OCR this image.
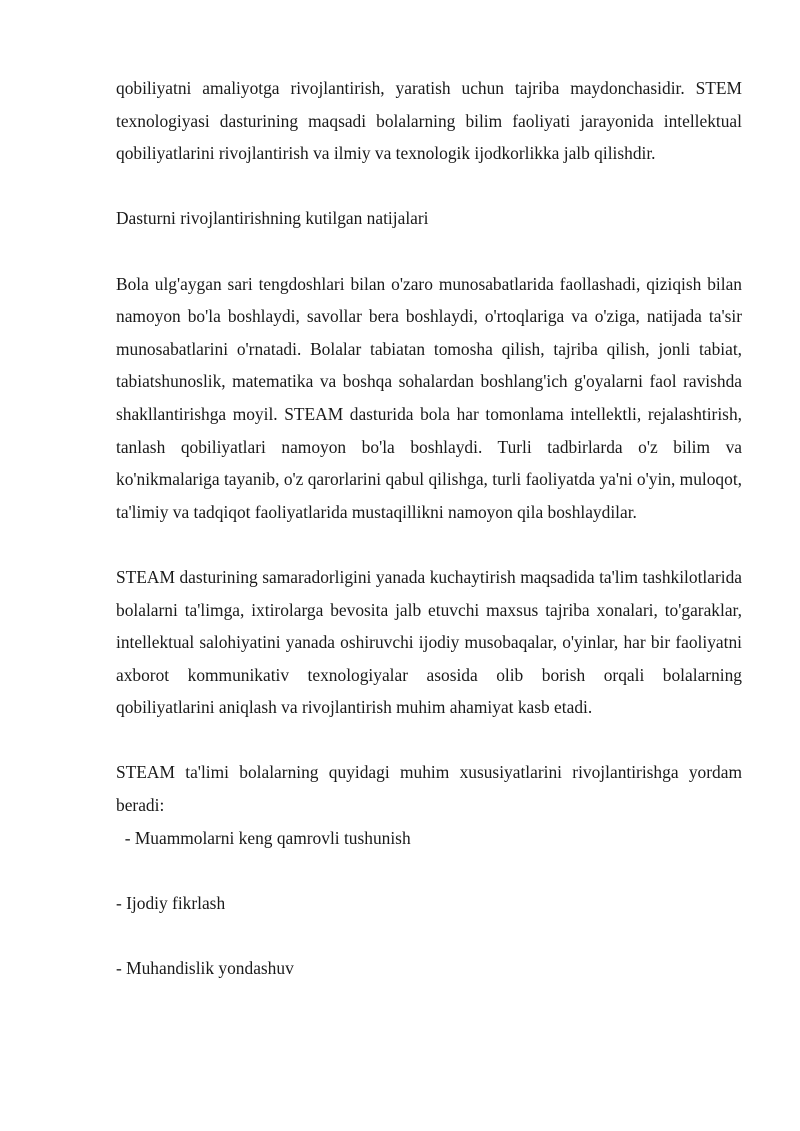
qobiliyatni amaliyotga rivojlantirish, yaratish uchun tajriba maydonchasidir. STEM texnologiyasi dasturining maqsadi bolalarning bilim faoliyati jarayonida intellektual qobiliyatlarini rivojlantirish va ilmiy va texnologik ijodkorlikka jalb qilishdir.

Dasturni rivojlantirishning kutilgan natijalari

Bola ulg'aygan sari tengdoshlari bilan o'zaro munosabatlarida faollashadi, qiziqish bilan namoyon bo'la boshlaydi, savollar bera boshlaydi, o'rtoqlariga va o'ziga, natijada ta'sir munosabatlarini o'rnatadi. Bolalar tabiatan tomosha qilish, tajriba qilish, jonli tabiat, tabiatshunoslik, matematika va boshqa sohalardan boshlang'ich g'oyalarni faol ravishda shakllantirishga moyil. STEAM dasturida bola har tomonlama intellektli, rejalashtirish, tanlash qobiliyatlari namoyon bo'la boshlaydi. Turli tadbirlarda o'z bilim va ko'nikmalariga tayanib, o'z qarorlarini qabul qilishga, turli faoliyatda ya'ni o'yin, muloqot, ta'limiy va tadqiqot faoliyatlarida mustaqillikni namoyon qila boshlaydilar.

STEAM dasturining samaradorligini yanada kuchaytirish maqsadida ta'lim tashkilotlarida bolalarni ta'limga, ixtirolarga bevosita jalb etuvchi maxsus tajriba xonalari, to'garaklar, intellektual salohiyatini yanada oshiruvchi ijodiy musobaqalar, o'yinlar, har bir faoliyatni axborot kommunikativ texnologiyalar asosida olib borish orqali bolalarning qobiliyatlarini aniqlash va rivojlantirish muhim ahamiyat kasb etadi.

STEAM ta'limi bolalarning quyidagi muhim xususiyatlarini rivojlantirishga yordam beradi:

- Muammolarni keng qamrovli tushunish

- Ijodiy fikrlash

- Muhandislik yondashuv
